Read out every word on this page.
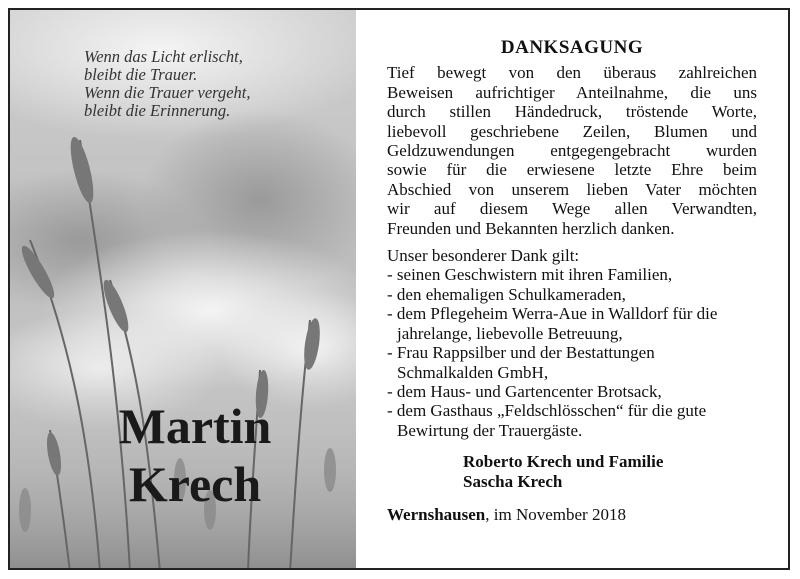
Wenn das Licht erlischt,
bleibt die Trauer.
Wenn die Trauer vergeht,
bleibt die Erinnerung.
Martin
Krech
DANKSAGUNG
Tief bewegt von den überaus zahlreichen
Beweisen aufrichtiger Anteilnahme, die uns
durch stillen Händedruck, tröstende Worte,
liebevoll geschriebene Zeilen, Blumen und
Geldzuwendungen entgegengebracht wurden
sowie für die erwiesene letzte Ehre beim
Abschied von unserem lieben Vater möchten
wir auf diesem Wege allen Verwandten,
Freunden und Bekannten herzlich danken.
Unser besonderer Dank gilt:
- seinen Geschwistern mit ihren Familien,
- den ehemaligen Schulkameraden,
- dem Pflegeheim Werra-Aue in Walldorf für die
jahrelange, liebevolle Betreuung,
- Frau Rappsilber und der Bestattungen
Schmalkalden GmbH,
- dem Haus- und Gartencenter Brotsack,
- dem Gasthaus „Feldschlösschen“ für die gute
Bewirtung der Trauergäste.
Roberto Krech und Familie
Sascha Krech
Wernshausen, im November 2018
